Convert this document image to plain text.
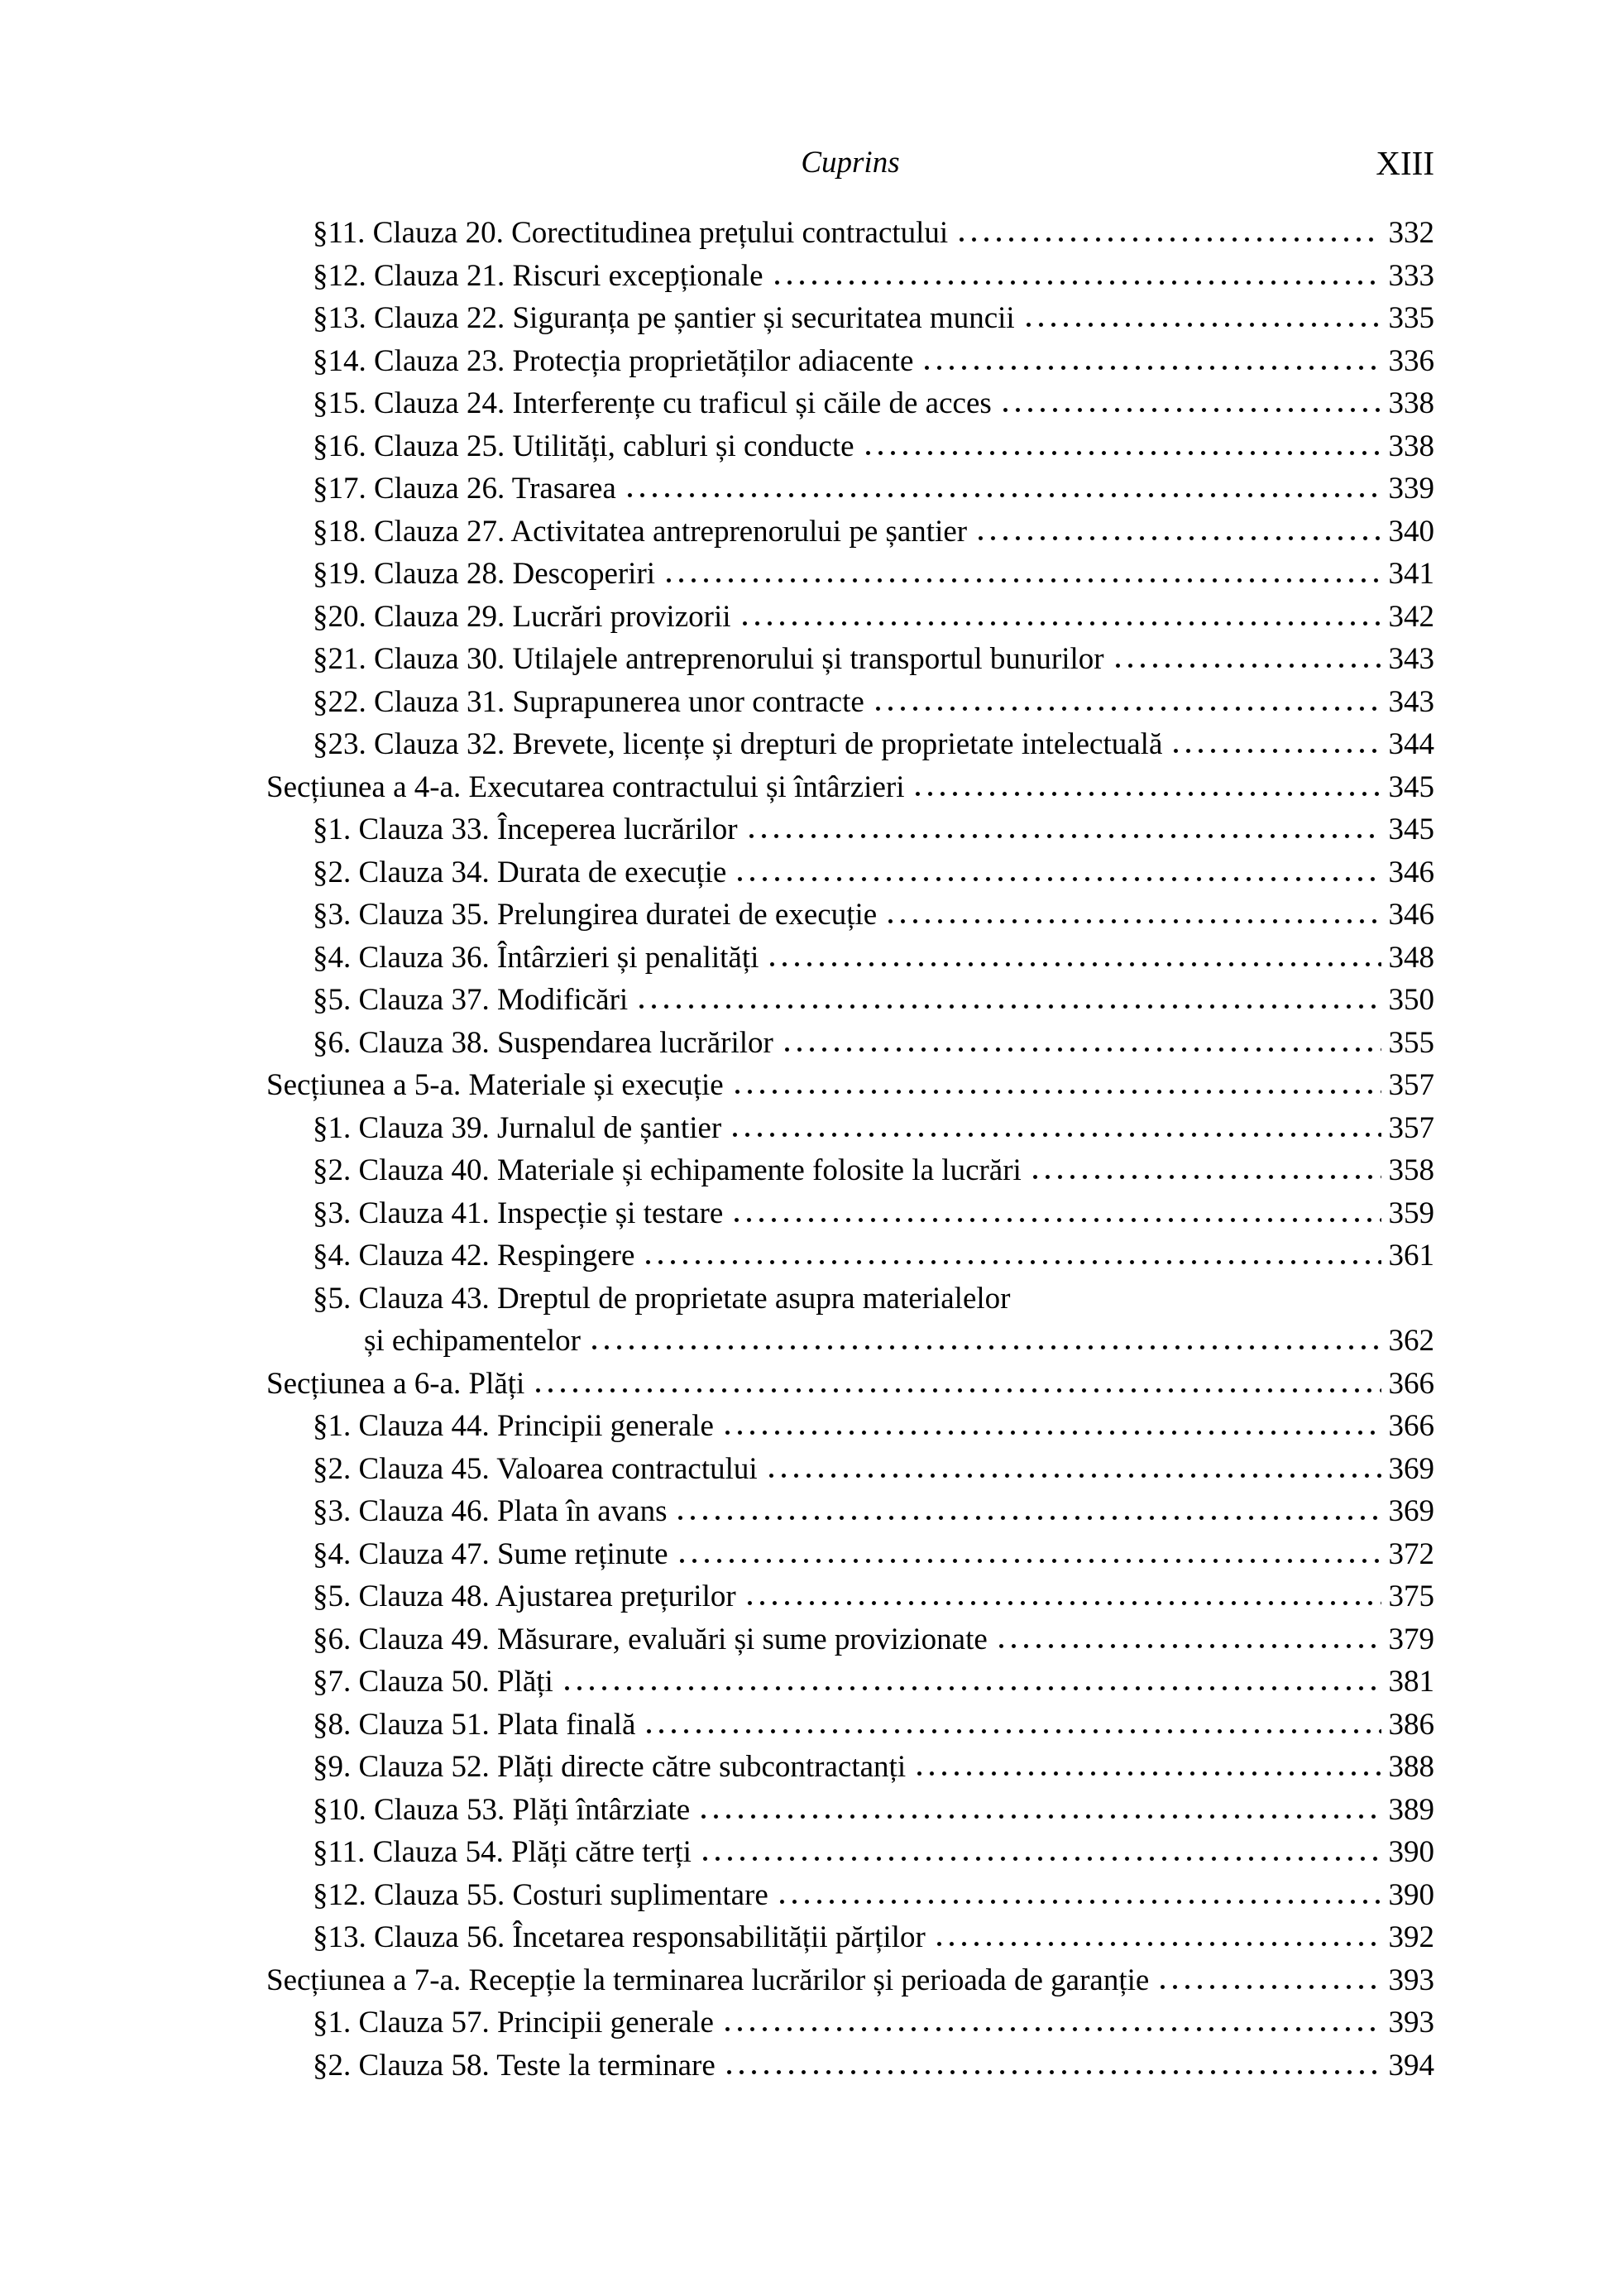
Cuprins	XIII
§11. Clauza 20. Corectitudinea prețului contractului	332
§12. Clauza 21. Riscuri excepționale	333
§13. Clauza 22. Siguranța pe șantier și securitatea muncii	335
§14. Clauza 23. Protecția proprietăților adiacente	336
§15. Clauza 24. Interferențe cu traficul și căile de acces	338
§16. Clauza 25. Utilități, cabluri și conducte	338
§17. Clauza 26. Trasarea	339
§18. Clauza 27. Activitatea antreprenorului pe șantier	340
§19. Clauza 28. Descoperiri	341
§20. Clauza 29. Lucrări provizorii	342
§21. Clauza 30. Utilajele antreprenorului și transportul bunurilor	343
§22. Clauza 31. Suprapunerea unor contracte	343
§23. Clauza 32. Brevete, licențe și drepturi de proprietate intelectuală	344
Secțiunea a 4-a. Executarea contractului și întârzieri	345
§1. Clauza 33. Începerea lucrărilor	345
§2. Clauza 34. Durata de execuție	346
§3. Clauza 35. Prelungirea duratei de execuție	346
§4. Clauza 36. Întârzieri și penalități	348
§5. Clauza 37. Modificări	350
§6. Clauza 38. Suspendarea lucrărilor	355
Secțiunea a 5-a. Materiale și execuție	357
§1. Clauza 39. Jurnalul de șantier	357
§2. Clauza 40. Materiale și echipamente folosite la lucrări	358
§3. Clauza 41. Inspecție și testare	359
§4. Clauza 42. Respingere	361
§5. Clauza 43. Dreptul de proprietate asupra materialelor
și echipamentelor	362
Secțiunea a 6-a. Plăți	366
§1. Clauza 44. Principii generale	366
§2. Clauza 45. Valoarea contractului	369
§3. Clauza 46. Plata în avans	369
§4. Clauza 47. Sume reținute	372
§5. Clauza 48. Ajustarea prețurilor	375
§6. Clauza 49. Măsurare, evaluări și sume provizionate	379
§7. Clauza 50. Plăți	381
§8. Clauza 51. Plata finală	386
§9. Clauza 52. Plăți directe către subcontractanți	388
§10. Clauza 53. Plăți întârziate	389
§11. Clauza 54. Plăți către terți	390
§12. Clauza 55. Costuri suplimentare	390
§13. Clauza 56. Încetarea responsabilității părților	392
Secțiunea a 7-a. Recepție la terminarea lucrărilor și perioada de garanție	393
§1. Clauza 57. Principii generale	393
§2. Clauza 58. Teste la terminare	394
